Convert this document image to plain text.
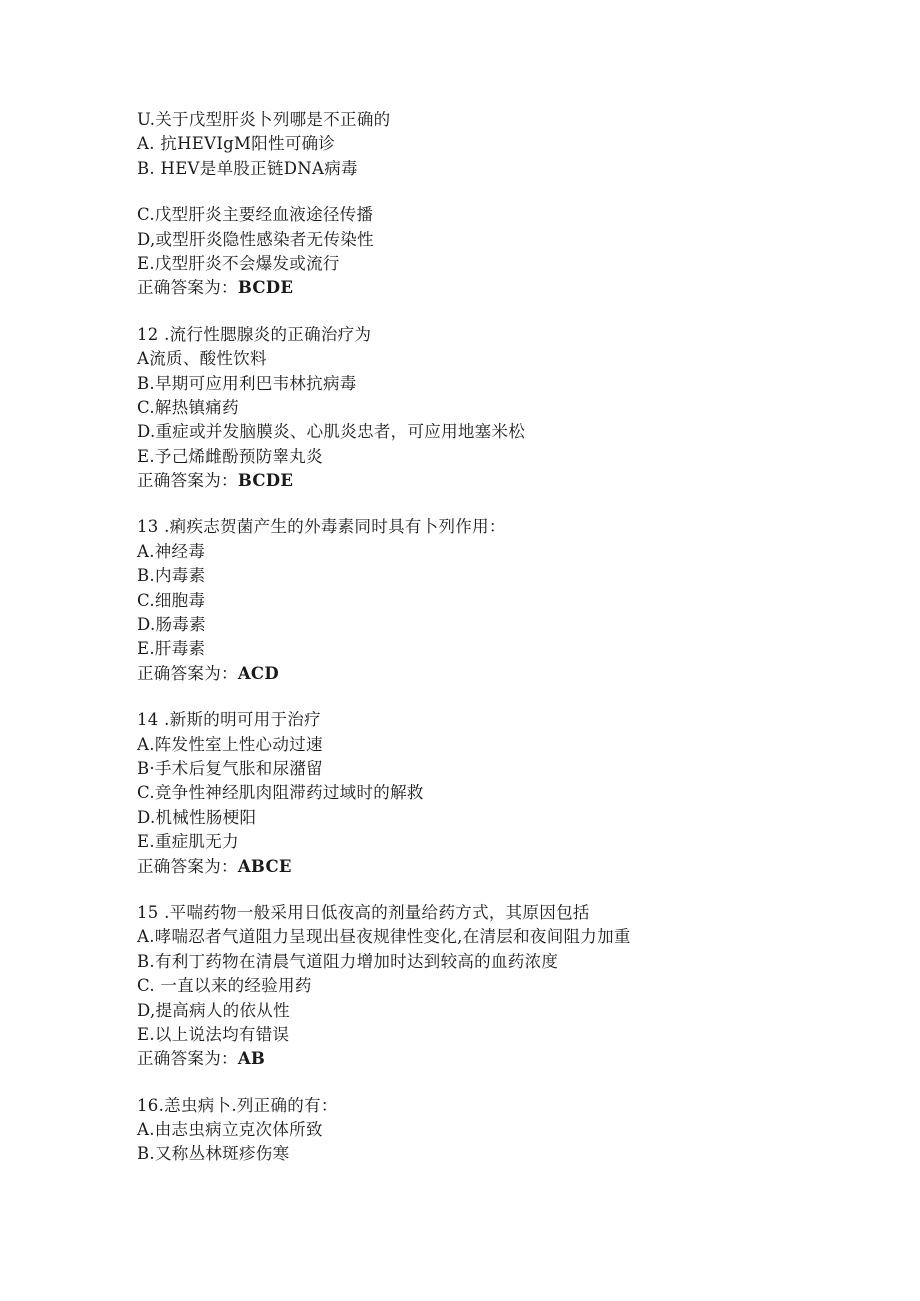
U.关于戊型肝炎卜列哪是不正确的
A. 抗HEVIgM阳性可确诊
B. HEV是单股正链DNA病毒
C.戊型肝炎主要经血液途径传播
D,或型肝炎隐性感染者无传染性
E.戊型肝炎不会爆发或流行
正确答案为：BCDE
12 .流行性腮腺炎的正确治疗为
A流质、酸性饮料
B.早期可应用利巴韦林抗病毒
C.解热镇痛药
D.重症或并发脑膜炎、心肌炎忠者，可应用地塞米松
E.予己烯雌酚预防睾丸炎
正确答案为：BCDE
13 .痢疾志贺菌产生的外毒素同时具有卜列作用：
A.神经毒
B.内毒素
C.细胞毒
D.肠毒素
E.肝毒素
正确答案为：ACD
14 .新斯的明可用于治疗
A.阵发性室上性心动过速
B·手术后复气胀和尿潴留
C.竞争性神经肌肉阻滞药过域时的解救
D.机械性肠梗阳
E.重症肌无力
正确答案为：ABCE
15 .平喘药物一般采用日低夜高的剂量给药方式，其原因包括
A.哮喘忍者气道阻力呈现出昼夜规律性变化,在清层和夜间阻力加重
B.有利丁药物在清晨气道阻力增加时达到较高的血药浓度
C. 一直以来的经验用药
D,提高病人的依从性
E.以上说法均有错误
正确答案为：AB
16.恙虫病卜.列正确的有：
A.由志虫病立克次体所致
B.又称丛林斑疹伤寒
